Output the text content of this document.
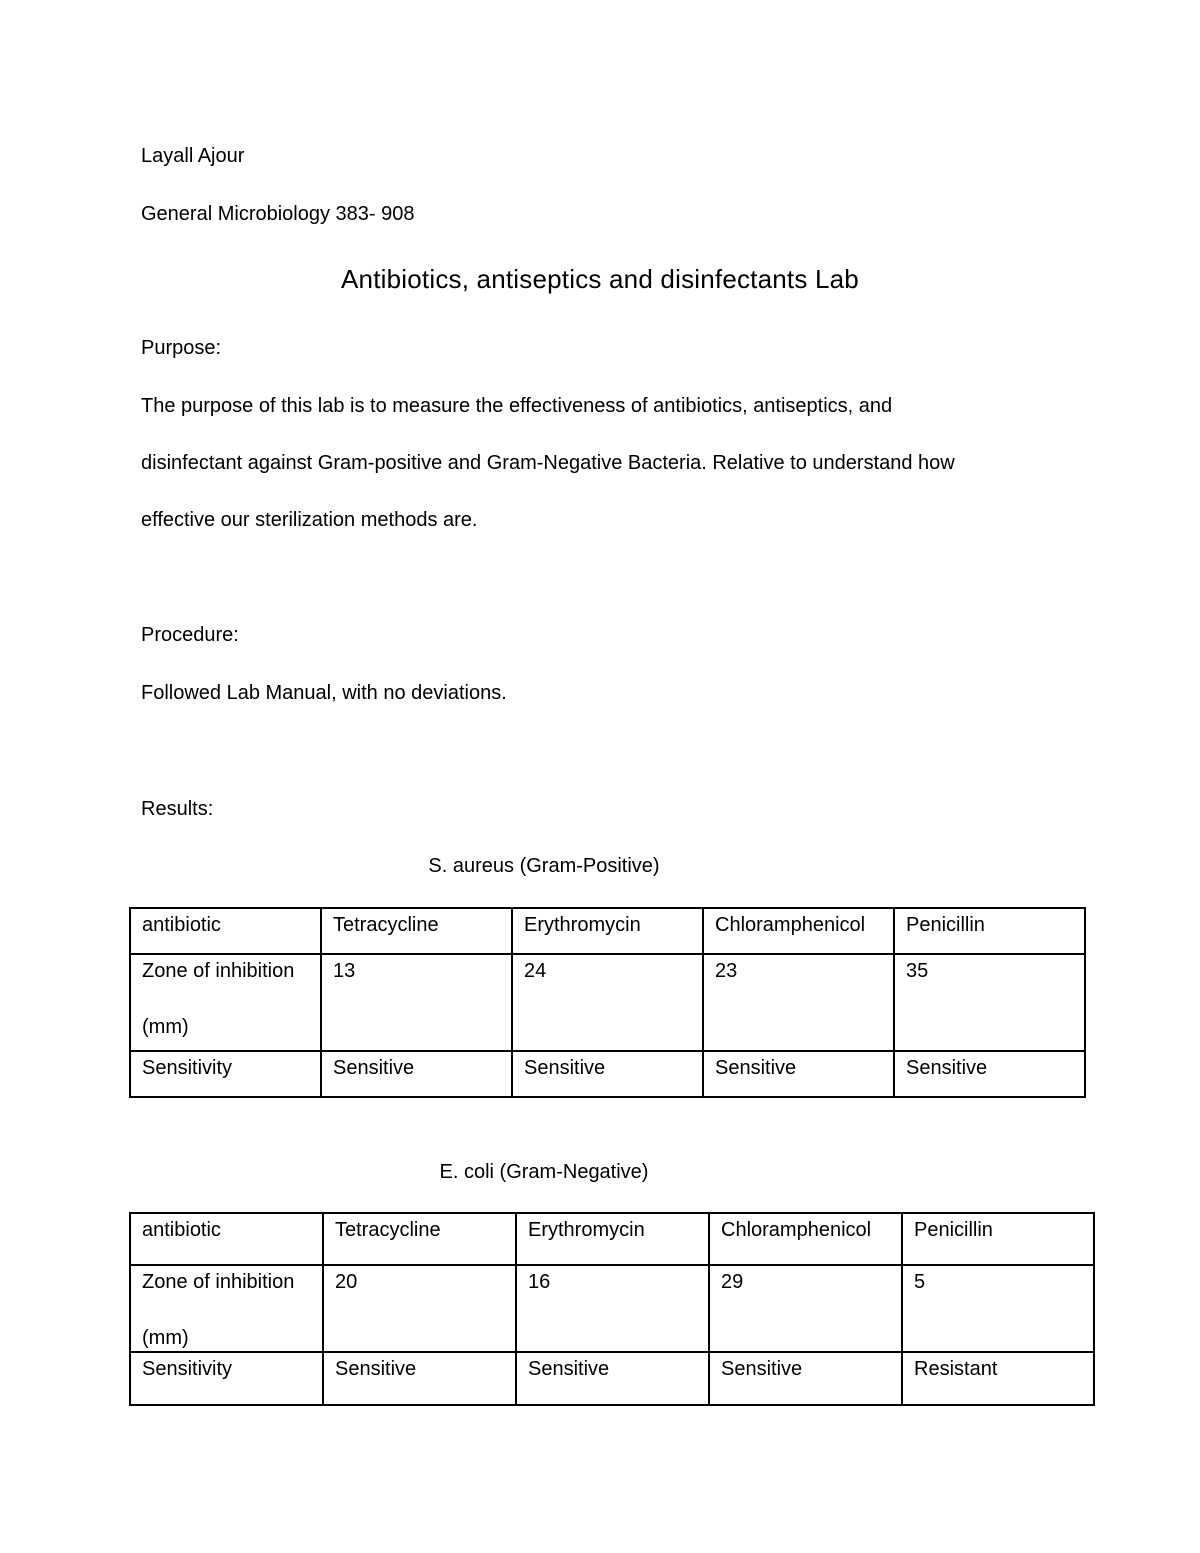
Layall Ajour
General Microbiology 383- 908
Antibiotics, antiseptics and disinfectants Lab
Purpose:
The purpose of this lab is to measure the effectiveness of antibiotics, antiseptics, and
disinfectant against Gram-positive and Gram-Negative Bacteria. Relative to understand how
effective our sterilization methods are.
Procedure:
Followed Lab Manual, with no deviations.
Results:
S. aureus (Gram-Positive)
antibiotic	Tetracycline	Erythromycin	Chloramphenicol	Penicillin

Zone of inhibition
(mm)	13	24	23	35
Sensitivity	Sensitive	Sensitive	Sensitive	Sensitive
E. coli (Gram-Negative)
antibiotic	Tetracycline	Erythromycin	Chloramphenicol	Penicillin

Zone of inhibition
(mm)	20	16	29	5
Sensitivity	Sensitive	Sensitive	Sensitive	Resistant
